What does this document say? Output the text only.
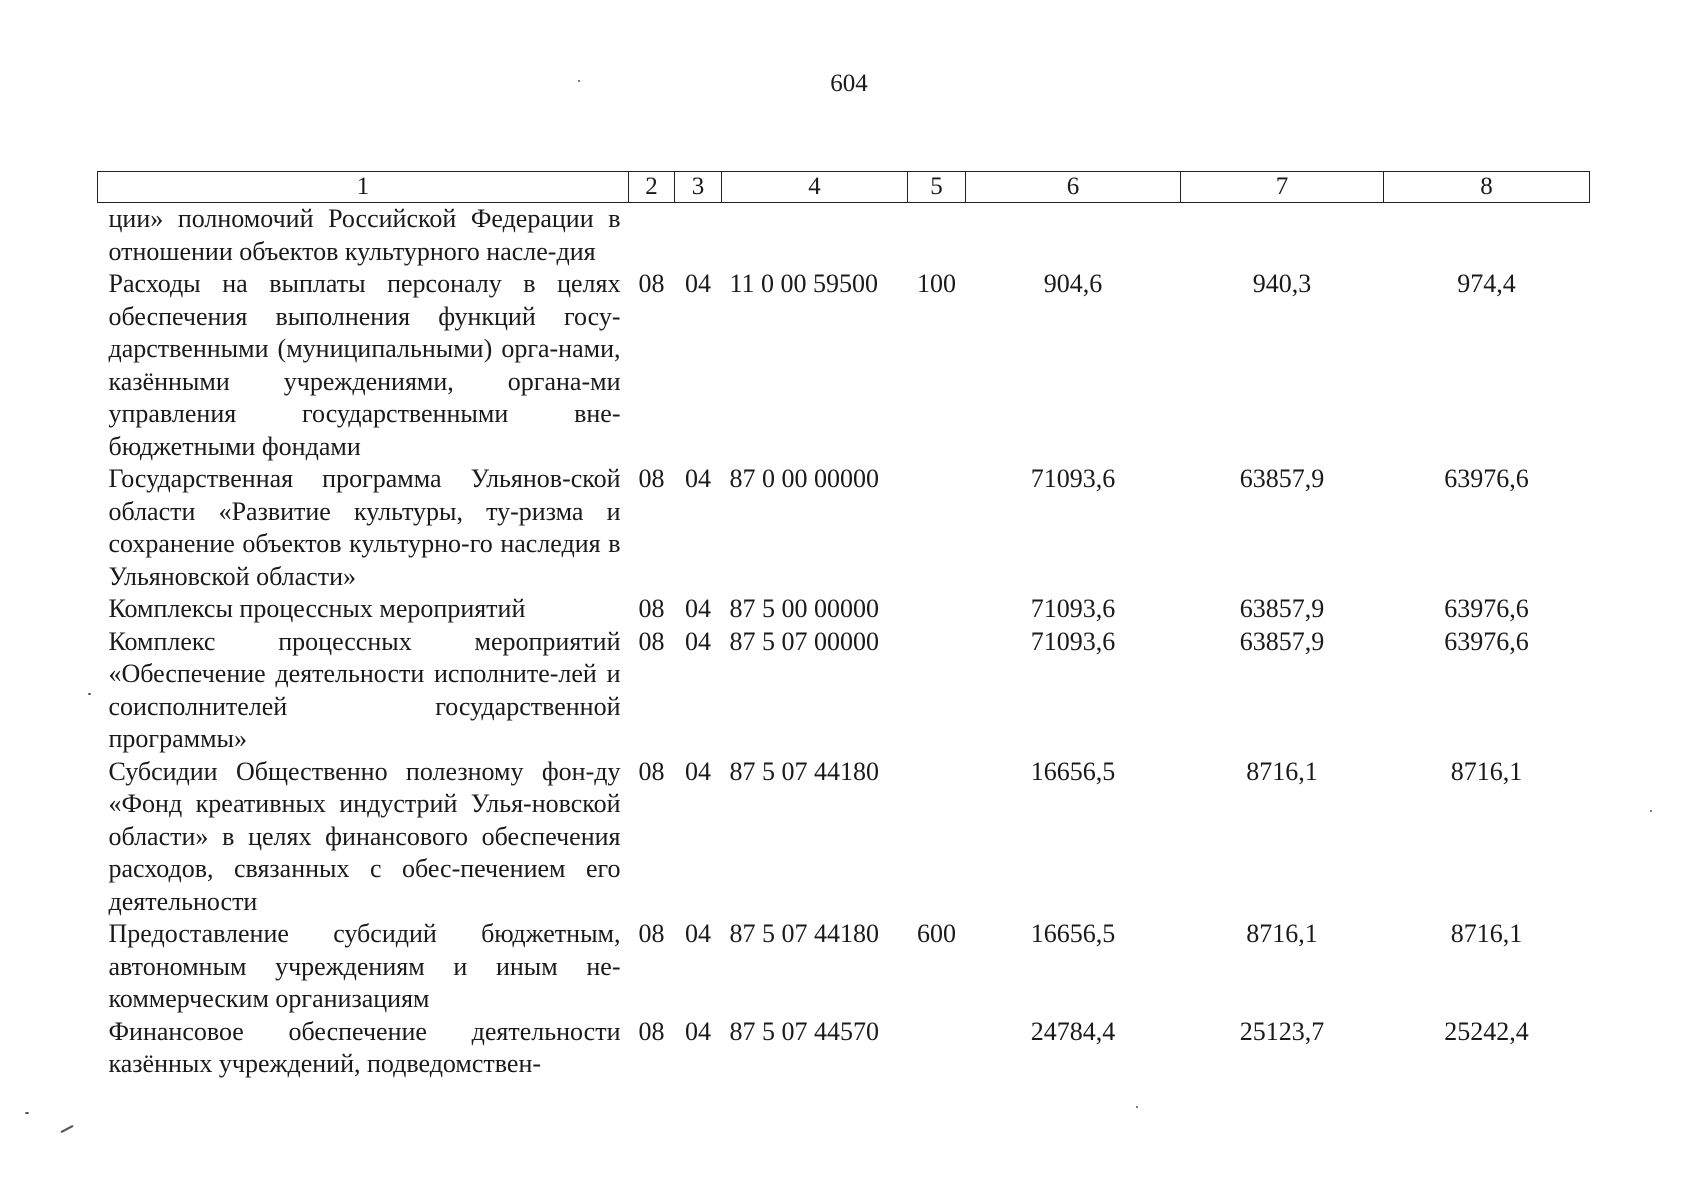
604
1	2	3	4	5	6	7	8
ции» полномочий Российской Федерации в отношении объектов культурного насле-дия							
Расходы на выплаты персоналу в целях обеспечения выполнения функций госу-дарственными (муниципальными) орга-нами, казёнными учреждениями, органа-ми управления государственными вне-бюджетными фондами	08	04	11 0 00 59500	100	904,6	940,3	974,4
Государственная программа Ульянов-ской области «Развитие культуры, ту-ризма и сохранение объектов культурно-го наследия в Ульяновской области»	08	04	87 0 00 00000		71093,6	63857,9	63976,6
Комплексы процессных мероприятий	08	04	87 5 00 00000		71093,6	63857,9	63976,6
Комплекс процессных мероприятий «Обеспечение деятельности исполните-лей и соисполнителей государственной программы»	08	04	87 5 07 00000		71093,6	63857,9	63976,6
Субсидии Общественно полезному фон-ду «Фонд креативных индустрий Улья-новской области» в целях финансового обеспечения расходов, связанных с обес-печением его деятельности	08	04	87 5 07 44180		16656,5	8716,1	8716,1
Предоставление субсидий бюджетным, автономным учреждениям и иным не-коммерческим организациям	08	04	87 5 07 44180	600	16656,5	8716,1	8716,1
Финансовое обеспечение деятельности казённых учреждений, подведомствен-	08	04	87 5 07 44570		24784,4	25123,7	25242,4
